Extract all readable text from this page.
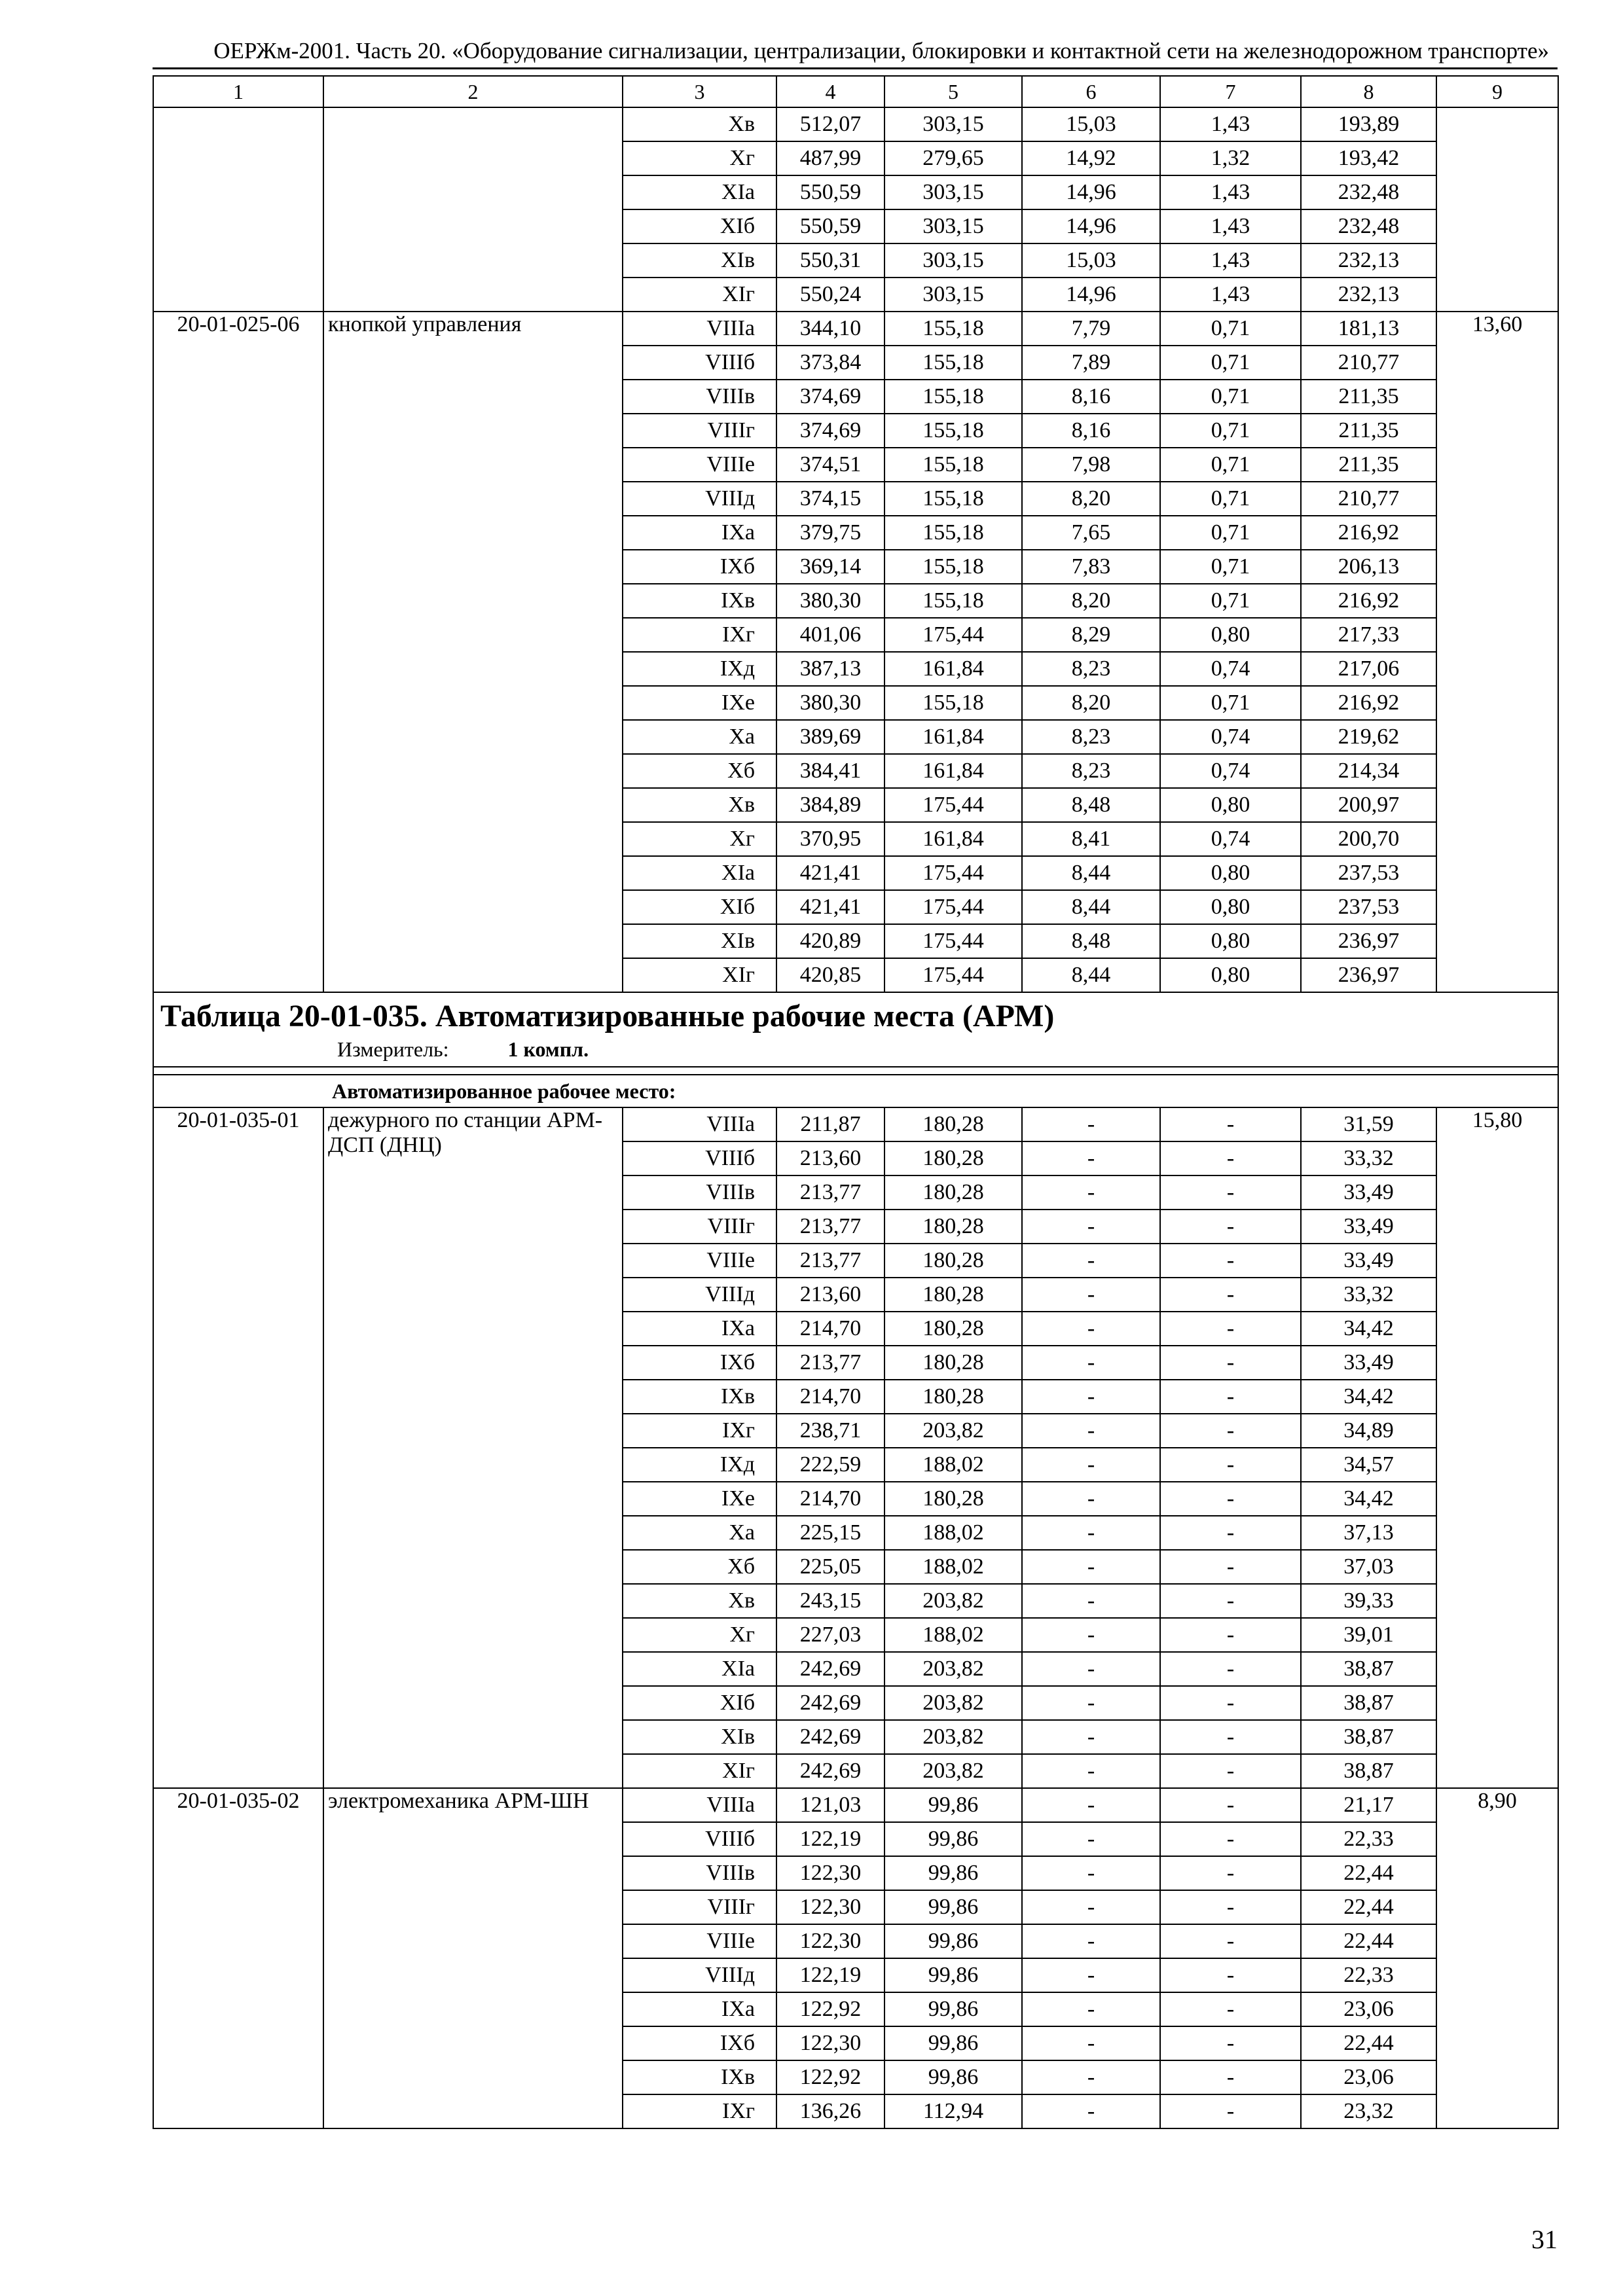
ОЕРЖм-2001. Часть 20. «Оборудование сигнализации, централизации, блокировки и контактной сети на железнодорожном транспорте»
1	2	3	4	5	6	7	8	9
		Xв	512,07	303,15	15,03	1,43	193,89	
		Xг	487,99	279,65	14,92	1,32	193,42	
		XIа	550,59	303,15	14,96	1,43	232,48	
		XIб	550,59	303,15	14,96	1,43	232,48	
		XIв	550,31	303,15	15,03	1,43	232,13	
		XIг	550,24	303,15	14,96	1,43	232,13	
20-01-025-06	кнопкой управления	VIIIа	344,10	155,18	7,79	0,71	181,13	13,60
		VIIIб	373,84	155,18	7,89	0,71	210,77	
		VIIIв	374,69	155,18	8,16	0,71	211,35	
		VIIIг	374,69	155,18	8,16	0,71	211,35	
		VIIIе	374,51	155,18	7,98	0,71	211,35	
		VIIIд	374,15	155,18	8,20	0,71	210,77	
		IXа	379,75	155,18	7,65	0,71	216,92	
		IXб	369,14	155,18	7,83	0,71	206,13	
		IXв	380,30	155,18	8,20	0,71	216,92	
		IXг	401,06	175,44	8,29	0,80	217,33	
		IXд	387,13	161,84	8,23	0,74	217,06	
		IXе	380,30	155,18	8,20	0,71	216,92	
		Xа	389,69	161,84	8,23	0,74	219,62	
		Xб	384,41	161,84	8,23	0,74	214,34	
		Xв	384,89	175,44	8,48	0,80	200,97	
		Xг	370,95	161,84	8,41	0,74	200,70	
		XIа	421,41	175,44	8,44	0,80	237,53	
		XIб	421,41	175,44	8,44	0,80	237,53	
		XIв	420,89	175,44	8,48	0,80	236,97	
		XIг	420,85	175,44	8,44	0,80	236,97	

Таблица 20-01-035. Автоматизированные рабочие места (АРМ)
Измеритель: 1 компл.								

Автоматизированное рабочее место:								
20-01-035-01	дежурного по станции АРМ-ДСП (ДНЦ)	VIIIа	211,87	180,28	-	-	31,59	15,80
		VIIIб	213,60	180,28	-	-	33,32	
		VIIIв	213,77	180,28	-	-	33,49	
		VIIIг	213,77	180,28	-	-	33,49	
		VIIIе	213,77	180,28	-	-	33,49	
		VIIIд	213,60	180,28	-	-	33,32	
		IXа	214,70	180,28	-	-	34,42	
		IXб	213,77	180,28	-	-	33,49	
		IXв	214,70	180,28	-	-	34,42	
		IXг	238,71	203,82	-	-	34,89	
		IXд	222,59	188,02	-	-	34,57	
		IXе	214,70	180,28	-	-	34,42	
		Xа	225,15	188,02	-	-	37,13	
		Xб	225,05	188,02	-	-	37,03	
		Xв	243,15	203,82	-	-	39,33	
		Xг	227,03	188,02	-	-	39,01	
		XIа	242,69	203,82	-	-	38,87	
		XIб	242,69	203,82	-	-	38,87	
		XIв	242,69	203,82	-	-	38,87	
		XIг	242,69	203,82	-	-	38,87	
20-01-035-02	электромеханика АРМ-ШН	VIIIа	121,03	99,86	-	-	21,17	8,90
		VIIIб	122,19	99,86	-	-	22,33	
		VIIIв	122,30	99,86	-	-	22,44	
		VIIIг	122,30	99,86	-	-	22,44	
		VIIIе	122,30	99,86	-	-	22,44	
		VIIIд	122,19	99,86	-	-	22,33	
		IXа	122,92	99,86	-	-	23,06	
		IXб	122,30	99,86	-	-	22,44	
		IXв	122,92	99,86	-	-	23,06	
		IXг	136,26	112,94	-	-	23,32	
31
